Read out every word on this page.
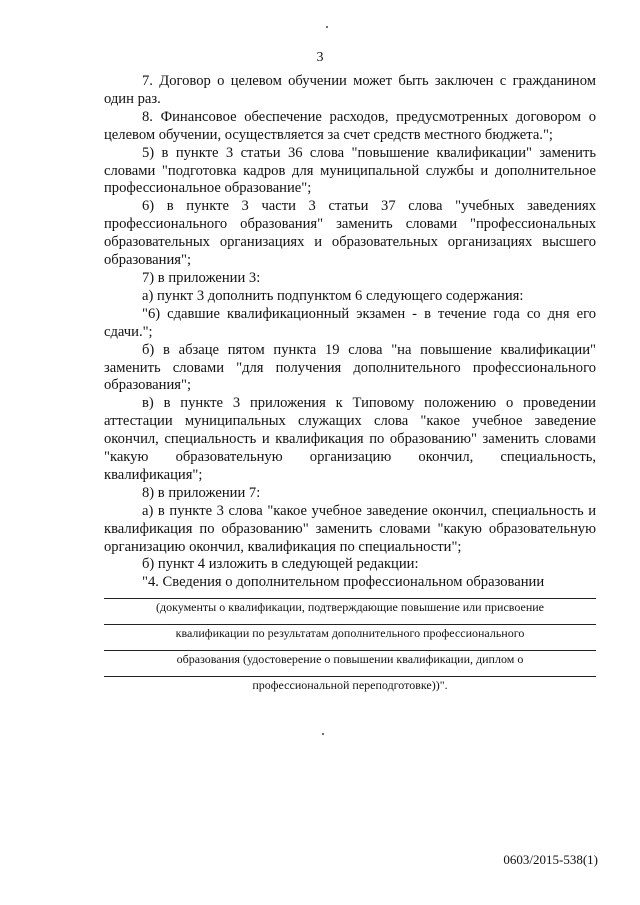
3

7. Договор о целевом обучении может быть заключен с гражданином один раз.

8. Финансовое обеспечение расходов, предусмотренных договором о целевом обучении, осуществляется за счет средств местного бюджета.";

5) в пункте 3 статьи 36 слова "повышение квалификации" заменить словами "подготовка кадров для муниципальной службы и дополнительное профессиональное образование";

6) в пункте 3 части 3 статьи 37 слова "учебных заведениях профессионального образования" заменить словами "профессиональных образовательных организациях и образовательных организациях высшего образования";

7) в приложении 3:

а) пункт 3 дополнить подпунктом 6 следующего содержания:

"6) сдавшие квалификационный экзамен - в течение года со дня его сдачи.";

б) в абзаце пятом пункта 19 слова "на повышение квалификации" заменить словами "для получения дополнительного профессионального образования";

в) в пункте 3 приложения к Типовому положению о проведении аттестации муниципальных служащих слова "какое учебное заведение окончил, специальность и квалификация по образованию" заменить словами "какую образовательную организацию окончил, специальность, квалификация";

8) в приложении 7:

а) в пункте 3 слова "какое учебное заведение окончил, специальность и квалификация по образованию" заменить словами "какую образовательную организацию окончил, квалификация по специальности";

б) пункт 4 изложить в следующей редакции:

"4. Сведения о дополнительном профессиональном образовании

(документы о квалификации, подтверждающие повышение или присвоение
квалификации по результатам дополнительного профессионального
образования (удостоверение о повышении квалификации, диплом о
профессиональной переподготовке))".
0603/2015-538(1)
